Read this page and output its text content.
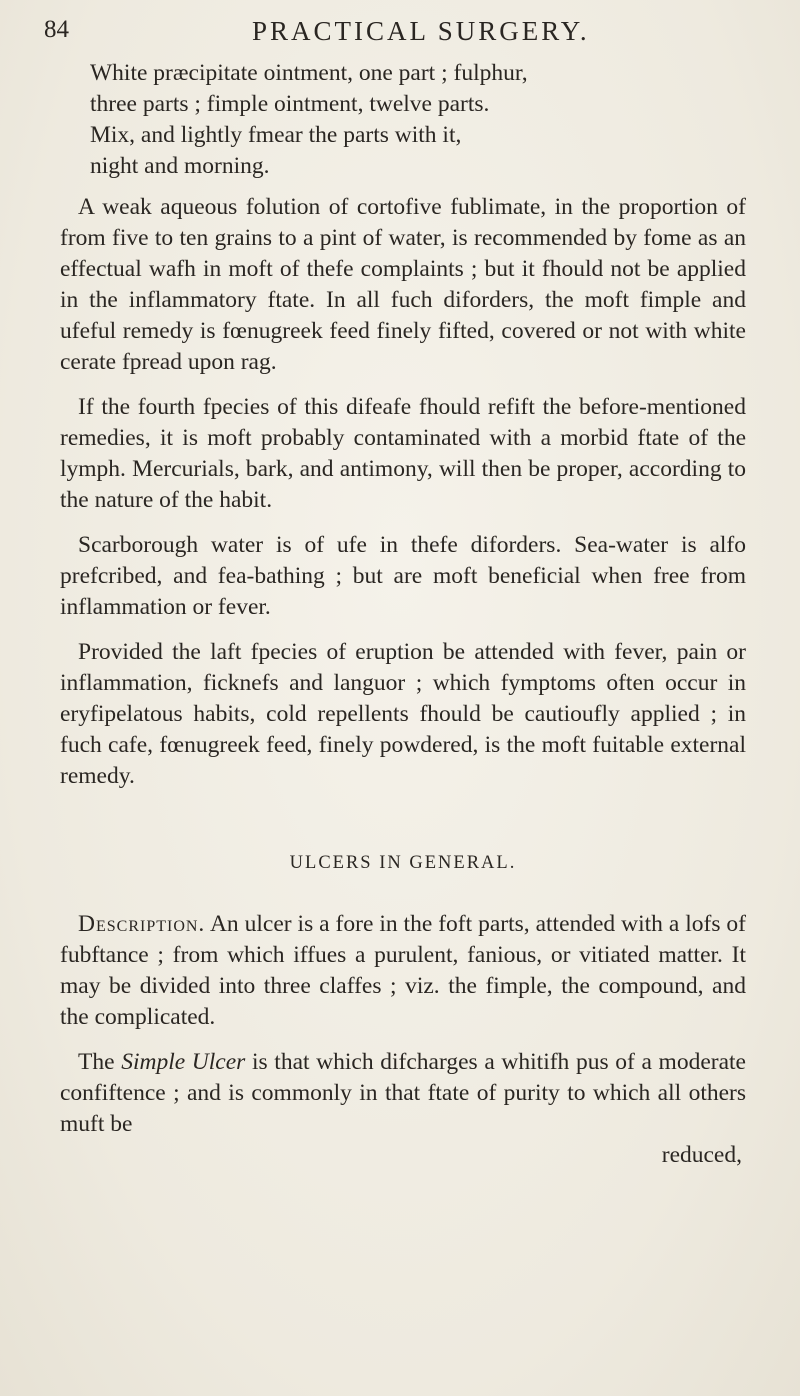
84	PRACTICAL SURGERY.

White præcipitate ointment, one part ; fulphur,

three parts ; fimple ointment, twelve parts.

Mix, and lightly fmear the parts with it,

night and morning.

A weak aqueous folution of cortofive fublimate, in the proportion of from five to ten grains to a pint of water, is recommended by fome as an effectual wafh in moft of thefe complaints ; but it fhould not be applied in the inflammatory ftate. In all fuch diforders, the moft fimple and ufeful remedy is fœnugreek feed finely fifted, covered or not with white cerate fpread upon rag.

If the fourth fpecies of this difeafe fhould refift the before-mentioned remedies, it is moft probably contaminated with a morbid ftate of the lymph. Mercurials, bark, and antimony, will then be proper, according to the nature of the habit.

Scarborough water is of ufe in thefe diforders. Sea-water is alfo prefcribed, and fea-bathing ; but are moft beneficial when free from inflammation or fever.

Provided the laft fpecies of eruption be attended with fever, pain or inflammation, ficknefs and languor ; which fymptoms often occur in eryfipelatous habits, cold repellents fhould be cautioufly applied ; in fuch cafe, fœnugreek feed, finely powdered, is the moft fuitable external remedy.

ULCERS IN GENERAL.

Description. An ulcer is a fore in the foft parts, attended with a lofs of fubftance ; from which iffues a purulent, fanious, or vitiated matter. It may be divided into three claffes ; viz. the fimple, the compound, and the complicated.

The Simple Ulcer is that which difcharges a whitifh pus of a moderate confiftence ; and is commonly in that ftate of purity to which all others muft be

reduced,
